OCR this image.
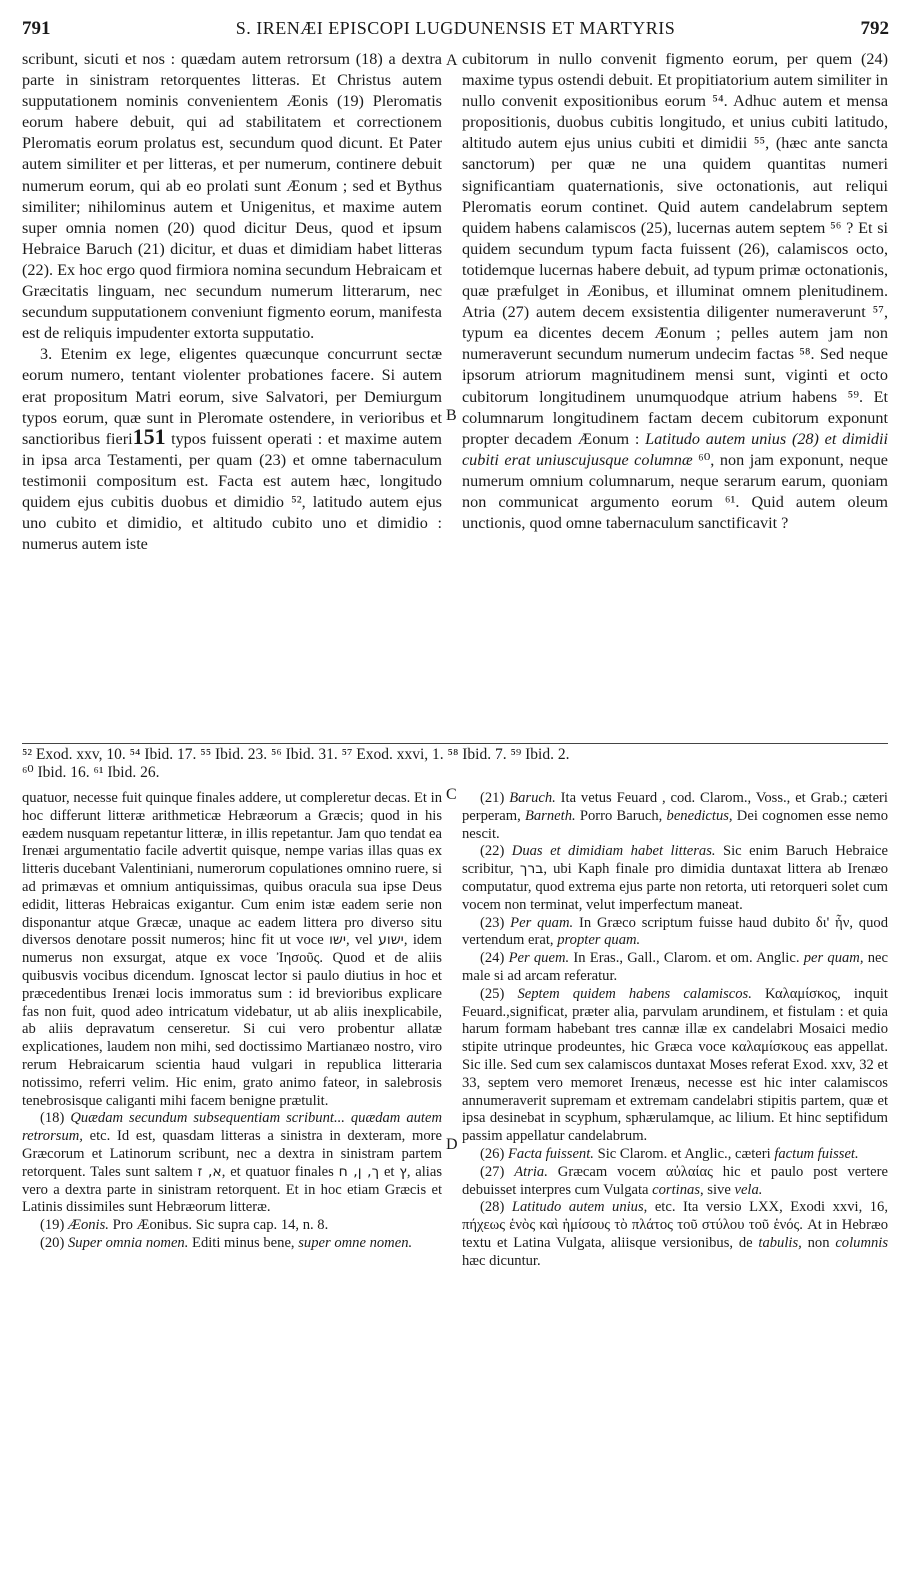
791	S. IRENÆI EPISCOPI LUGDUNENSIS ET MARTYRIS	792
A
B
C
D

scribunt, sicuti et nos : quædam autem retrorsum (18) a dextra parte in sinistram retorquentes litteras. Et Christus autem supputationem nominis convenientem Æonis (19) Pleromatis eorum habere debuit, qui ad stabilitatem et correctionem Pleromatis eorum prolatus est, secundum quod dicunt. Et Pater autem similiter et per litteras, et per numerum, continere debuit numerum eorum, qui ab eo prolati sunt Æonum ; sed et Bythus similiter; nihilominus autem et Unigenitus, et maxime autem super omnia nomen (20) quod dicitur Deus, quod et ipsum Hebraice Baruch (21) dicitur, et duas et dimidiam habet litteras (22). Ex hoc ergo quod firmiora nomina secundum Hebraicam et Græcitatis linguam, nec secundum numerum litterarum, nec secundum supputationem conveniunt figmento eorum, manifesta est de reliquis impudenter extorta supputatio.

3. Etenim ex lege, eligentes quæcunque concurrunt sectæ eorum numero, tentant violenter probationes facere. Si autem erat propositum Matri eorum, sive Salvatori, per Demiurgum typos eorum, quæ sunt in Pleromate ostendere, in verioribus et sanctioribus fieri151 typos fuissent operati : et maxime autem in ipsa arca Testamenti, per quam (23) et omne tabernaculum testimonii compositum est. Facta est autem hæc, longitudo quidem ejus cubitis duobus et dimidio ⁵², latitudo autem ejus uno cubito et dimidio, et altitudo cubito uno et dimidio : numerus autem iste

cubitorum in nullo convenit figmento eorum, per quem (24) maxime typus ostendi debuit. Et propitiatorium autem similiter in nullo convenit expositionibus eorum ⁵⁴. Adhuc autem et mensa propositionis, duobus cubitis longitudo, et unius cubiti latitudo, altitudo autem ejus unius cubiti et dimidii ⁵⁵, (hæc ante sancta sanctorum) per quæ ne una quidem quantitas numeri significantiam quaternationis, sive octonationis, aut reliqui Pleromatis eorum continet. Quid autem candelabrum septem quidem habens calamiscos (25), lucernas autem septem ⁵⁶ ? Et si quidem secundum typum facta fuissent (26), calamiscos octo, totidemque lucernas habere debuit, ad typum primæ octonationis, quæ præfulget in Æonibus, et illuminat omnem plenitudinem. Atria (27) autem decem exsistentia diligenter numeraverunt ⁵⁷, typum ea dicentes decem Æonum ; pelles autem jam non numeraverunt secundum numerum undecim factas ⁵⁸. Sed neque ipsorum atriorum magnitudinem mensi sunt, viginti et octo cubitorum longitudinem unumquodque atrium habens ⁵⁹. Et columnarum longitudinem factam decem cubitorum exponunt propter decadem Æonum : Latitudo autem unius (28) et dimidii cubiti erat uniuscujusque columnæ ⁶⁰, non jam exponunt, neque numerum omnium columnarum, neque serarum earum, quoniam non communicat argumento eorum ⁶¹. Quid autem oleum unctionis, quod omne tabernaculum sanctificavit ?

⁵² Exod. xxv, 10. ⁵⁴ Ibid. 17. ⁵⁵ Ibid. 23. ⁵⁶ Ibid. 31. ⁵⁷ Exod. xxvi, 1. ⁵⁸ Ibid. 7. ⁵⁹ Ibid. 2.
⁶⁰ Ibid. 16. ⁶¹ Ibid. 26.

quatuor, necesse fuit quinque finales addere, ut compleretur decas. Et in hoc differunt litteræ arithmeticæ Hebræorum a Græcis; quod in his eædem nusquam repetantur litteræ, in illis repetantur. Jam quo tendat ea Irenæi argumentatio facile advertit quisque, nempe varias illas quas ex litteris ducebant Valentiniani, numerorum copulationes omnino ruere, si ad primævas et omnium antiquissimas, quibus oracula sua ipse Deus edidit, litteras Hebraicas exigantur. Cum enim istæ eadem serie non disponantur atque Græcæ, unaque ac eadem littera pro diverso situ diversos denotare possit numeros; hinc fit ut voce ישו, vel ישוע, idem numerus non exsurgat, atque ex voce Ἰησοῦς. Quod et de aliis quibusvis vocibus dicendum. Ignoscat lector si paulo diutius in hoc et præcedentibus Irenæi locis immoratus sum : id brevioribus explicare fas non fuit, quod adeo intricatum videbatur, ut ab aliis inexplicabile, ab aliis depravatum censeretur. Si cui vero probentur allatæ explicationes, laudem non mihi, sed doctissimo Martianæo nostro, viro rerum Hebraicarum scientia haud vulgari in republica litteraria notissimo, referri velim. Hic enim, grato animo fateor, in salebrosis tenebrosisque caliganti mihi facem benigne prætulit.

(18) Quædam secundum subsequentiam scribunt... quædam autem retrorsum, etc. Id est, quasdam litteras a sinistra in dexteram, more Græcorum et Latinorum scribunt, nec a dextra in sinistram partem retorquent. Tales sunt saltem א, ז, et quatuor finales ך, ן, ח et ץ, alias vero a dextra parte in sinistram retorquent. Et in hoc etiam Græcis et Latinis dissimiles sunt Hebræorum litteræ.

(19) Æonis. Pro Æonibus. Sic supra cap. 14, n. 8.

(20) Super omnia nomen. Editi minus bene, super omne nomen.

(21) Baruch. Ita vetus Feuard , cod. Clarom., Voss., et Grab.; cæteri perperam, Barneth. Porro Baruch, benedictus, Dei cognomen esse nemo nescit.

(22) Duas et dimidiam habet litteras. Sic enim Baruch Hebraice scribitur, ברך, ubi Kaph finale pro dimidia duntaxat littera ab Irenæo computatur, quod extrema ejus parte non retorta, uti retorqueri solet cum vocem non terminat, velut imperfectum maneat.

(23) Per quam. In Græco scriptum fuisse haud dubito δι' ἧν, quod vertendum erat, propter quam.

(24) Per quem. In Eras., Gall., Clarom. et om. Anglic. per quam, nec male si ad arcam referatur.

(25) Septem quidem habens calamiscos. Καλαμίσκος, inquit Feuard.,significat, præter alia, parvulam arundinem, et fistulam : et quia harum formam habebant tres cannæ illæ ex candelabri Mosaici medio stipite utrinque prodeuntes, hic Græca voce καλαμίσκους eas appellat. Sic ille. Sed cum sex calamiscos duntaxat Moses referat Exod. xxv, 32 et 33, septem vero memoret Irenæus, necesse est hic inter calamiscos annumeraverit supremam et extremam candelabri stipitis partem, quæ et ipsa desinebat in scyphum, sphærulamque, ac lilium. Et hinc septifidum passim appellatur candelabrum.

(26) Facta fuissent. Sic Clarom. et Anglic., cæteri factum fuisset.

(27) Atria. Græcam vocem αὐλαίας hic et paulo post vertere debuisset interpres cum Vulgata cortinas, sive vela.

(28) Latitudo autem unius, etc. Ita versio LXX, Exodi xxvi, 16, πήχεως ἑνὸς καὶ ἡμίσους τὸ πλάτος τοῦ στύλου τοῦ ἑνός. At in Hebræo textu et Latina Vulgata, aliisque versionibus, de tabulis, non columnis hæc dicuntur.
